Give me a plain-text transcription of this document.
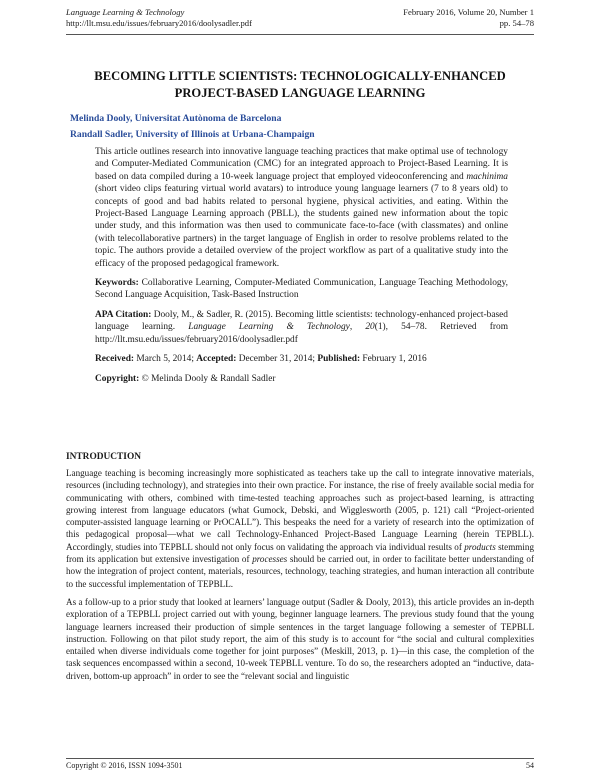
Language Learning & Technology
http://llt.msu.edu/issues/february2016/doolysadler.pdf
February 2016, Volume 20, Number 1
pp. 54–78
BECOMING LITTLE SCIENTISTS: TECHNOLOGICALLY-ENHANCED
PROJECT-BASED LANGUAGE LEARNING
Melinda Dooly, Universitat Autònoma de Barcelona
Randall Sadler, University of Illinois at Urbana-Champaign

This article outlines research into innovative language teaching practices that make optimal use of technology and Computer-Mediated Communication (CMC) for an integrated approach to Project-Based Learning. It is based on data compiled during a 10-week language project that employed videoconferencing and machinima (short video clips featuring virtual world avatars) to introduce young language learners (7 to 8 years old) to concepts of good and bad habits related to personal hygiene, physical activities, and eating. Within the Project-Based Language Learning approach (PBLL), the students gained new information about the topic under study, and this information was then used to communicate face-to-face (with classmates) and online (with telecollaborative partners) in the target language of English in order to resolve problems related to the topic. The authors provide a detailed overview of the project workflow as part of a qualitative study into the efficacy of the proposed pedagogical framework.

Keywords: Collaborative Learning, Computer-Mediated Communication, Language Teaching Methodology, Second Language Acquisition, Task-Based Instruction

APA Citation: Dooly, M., & Sadler, R. (2015). Becoming little scientists: technology-enhanced project-based language learning. Language Learning & Technology, 20(1), 54–78. Retrieved from http://llt.msu.edu/issues/february2016/doolysadler.pdf

Received: March 5, 2014; Accepted: December 31, 2014; Published: February 1, 2016

Copyright: © Melinda Dooly & Randall Sadler

INTRODUCTION

Language teaching is becoming increasingly more sophisticated as teachers take up the call to integrate innovative materials, resources (including technology), and strategies into their own practice. For instance, the rise of freely available social media for communicating with others, combined with time-tested teaching approaches such as project-based learning, is attracting growing interest from language educators (what Gumock, Debski, and Wigglesworth (2005, p. 121) call “Project-oriented computer-assisted language learning or PrOCALL”). This bespeaks the need for a variety of research into the optimization of this pedagogical proposal—what we call Technology-Enhanced Project-Based Language Learning (herein TEPBLL). Accordingly, studies into TEPBLL should not only focus on validating the approach via individual results of products stemming from its application but extensive investigation of processes should be carried out, in order to facilitate better understanding of how the integration of project content, materials, resources, technology, teaching strategies, and human interaction all contribute to the successful implementation of TEPBLL.

As a follow-up to a prior study that looked at learners’ language output (Sadler & Dooly, 2013), this article provides an in-depth exploration of a TEPBLL project carried out with young, beginner language learners. The previous study found that the young language learners increased their production of simple sentences in the target language following a semester of TEPBLL instruction. Following on that pilot study report, the aim of this study is to account for “the social and cultural complexities entailed when diverse individuals come together for joint purposes” (Meskill, 2013, p. 1)—in this case, the completion of the task sequences encompassed within a second, 10-week TEPBLL venture. To do so, the researchers adopted an “inductive, data-driven, bottom-up approach” in order to see the “relevant social and linguistic

Copyright © 2016, ISSN 1094-3501	54
